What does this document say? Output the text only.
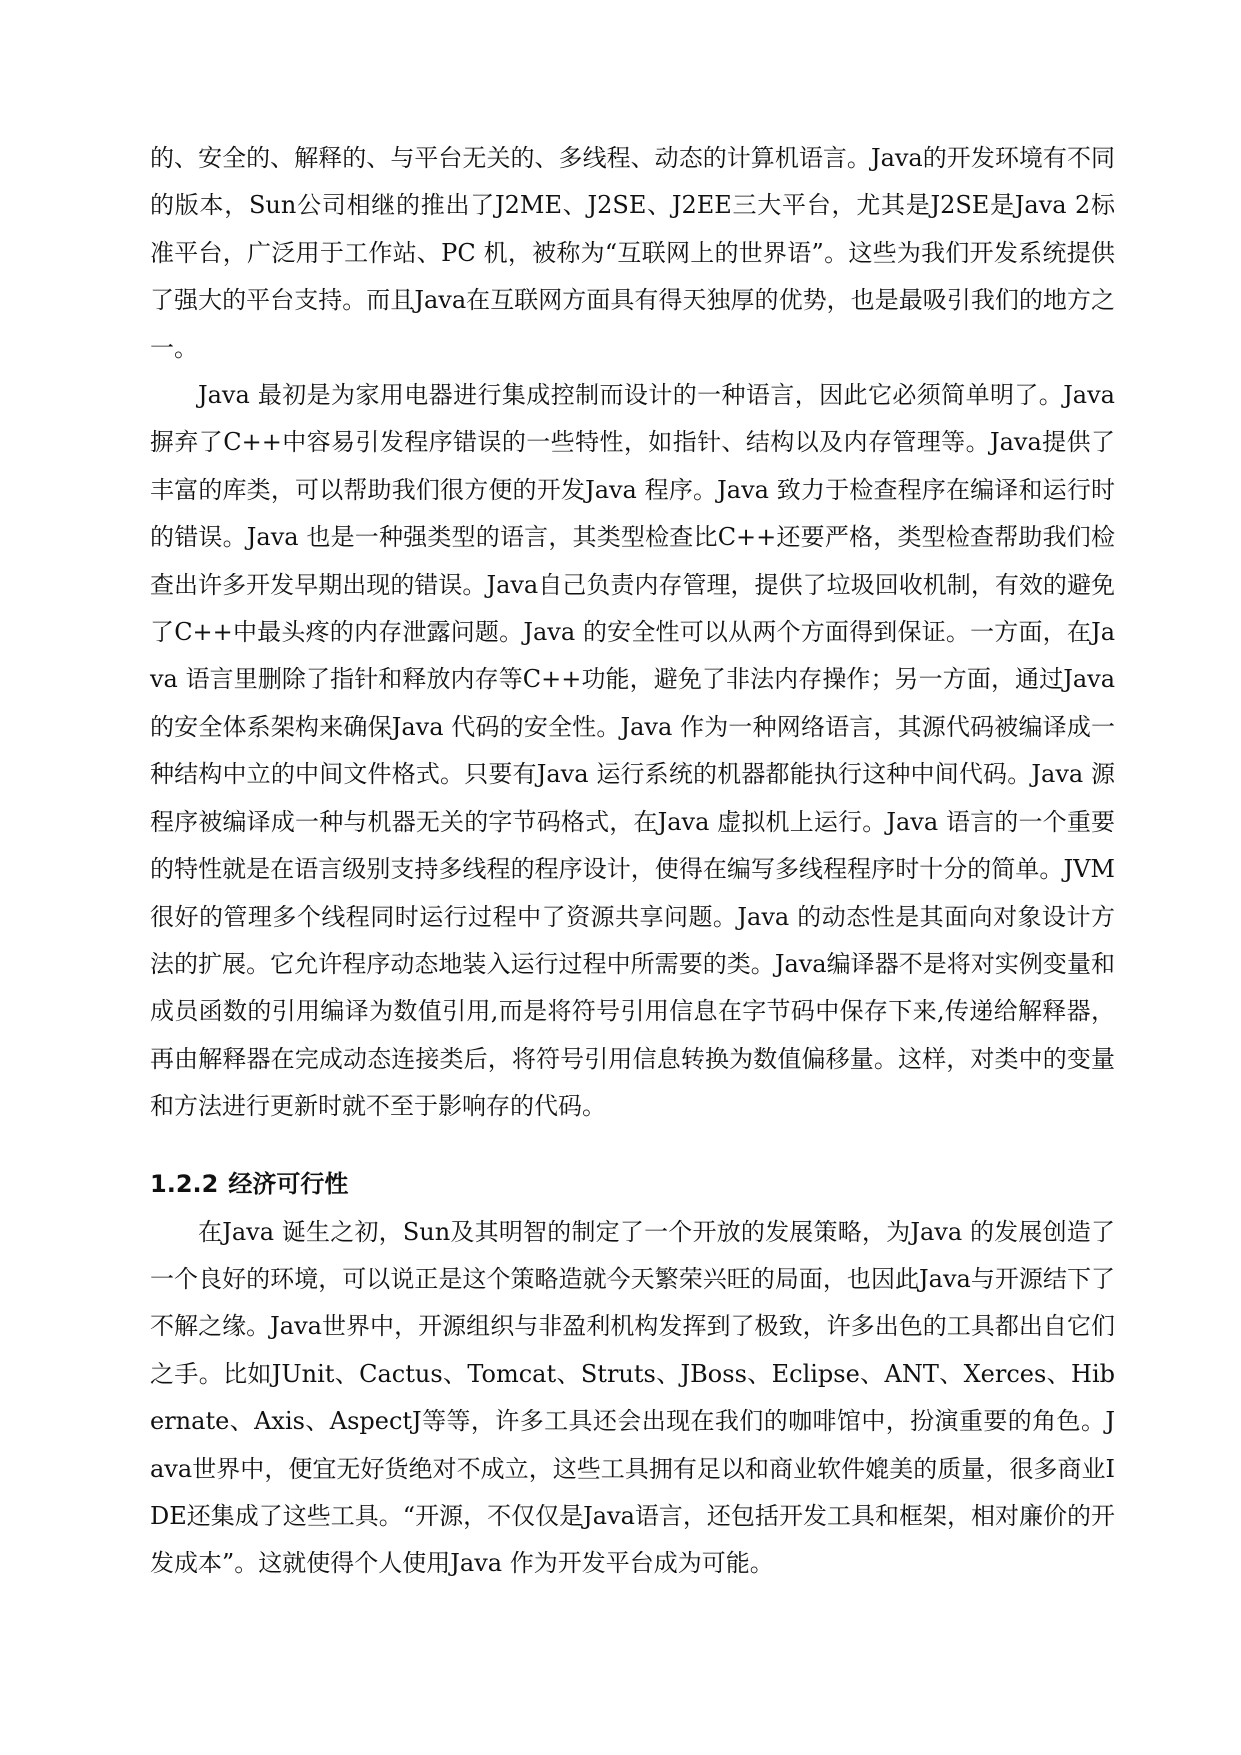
的、安全的、解释的、与平台无关的、多线程、动态的计算机语言。Java的开发环境有不同的版本，Sun公司相继的推出了J2ME、J2SE、J2EE三大平台，尤其是J2SE是Java 2标准平台，广泛用于工作站、PC 机，被称为“互联网上的世界语”。这些为我们开发系统提供了强大的平台支持。而且Java在互联网方面具有得天独厚的优势，也是最吸引我们的地方之一。

Java 最初是为家用电器进行集成控制而设计的一种语言，因此它必须简单明了。Java摒弃了C++中容易引发程序错误的一些特性，如指针、结构以及内存管理等。Java提供了丰富的库类，可以帮助我们很方便的开发Java 程序。Java 致力于检查程序在编译和运行时的错误。Java 也是一种强类型的语言，其类型检查比C++还要严格，类型检查帮助我们检查出许多开发早期出现的错误。Java自己负责内存管理，提供了垃圾回收机制，有效的避免了C++中最头疼的内存泄露问题。Java 的安全性可以从两个方面得到保证。一方面，在Java 语言里删除了指针和释放内存等C++功能，避免了非法内存操作；另一方面，通过Java 的安全体系架构来确保Java 代码的安全性。Java 作为一种网络语言，其源代码被编译成一种结构中立的中间文件格式。只要有Java 运行系统的机器都能执行这种中间代码。Java 源程序被编译成一种与机器无关的字节码格式，在Java 虚拟机上运行。Java 语言的一个重要的特性就是在语言级别支持多线程的程序设计，使得在编写多线程程序时十分的简单。JVM很好的管理多个线程同时运行过程中了资源共享问题。Java 的动态性是其面向对象设计方法的扩展。它允许程序动态地装入运行过程中所需要的类。Java编译器不是将对实例变量和成员函数的引用编译为数值引用,而是将符号引用信息在字节码中保存下来,传递给解释器，再由解释器在完成动态连接类后，将符号引用信息转换为数值偏移量。这样，对类中的变量和方法进行更新时就不至于影响存的代码。

1.2.2 经济可行性

在Java 诞生之初，Sun及其明智的制定了一个开放的发展策略，为Java 的发展创造了一个良好的环境，可以说正是这个策略造就今天繁荣兴旺的局面，也因此Java与开源结下了不解之缘。Java世界中，开源组织与非盈利机构发挥到了极致，许多出色的工具都出自它们之手。比如JUnit、Cactus、Tomcat、Struts、JBoss、Eclipse、ANT、Xerces、Hibernate、Axis、AspectJ等等，许多工具还会出现在我们的咖啡馆中，扮演重要的角色。Java世界中，便宜无好货绝对不成立，这些工具拥有足以和商业软件媲美的质量，很多商业IDE还集成了这些工具。“开源，不仅仅是Java语言，还包括开发工具和框架，相对廉价的开发成本”。这就使得个人使用Java 作为开发平台成为可能。
